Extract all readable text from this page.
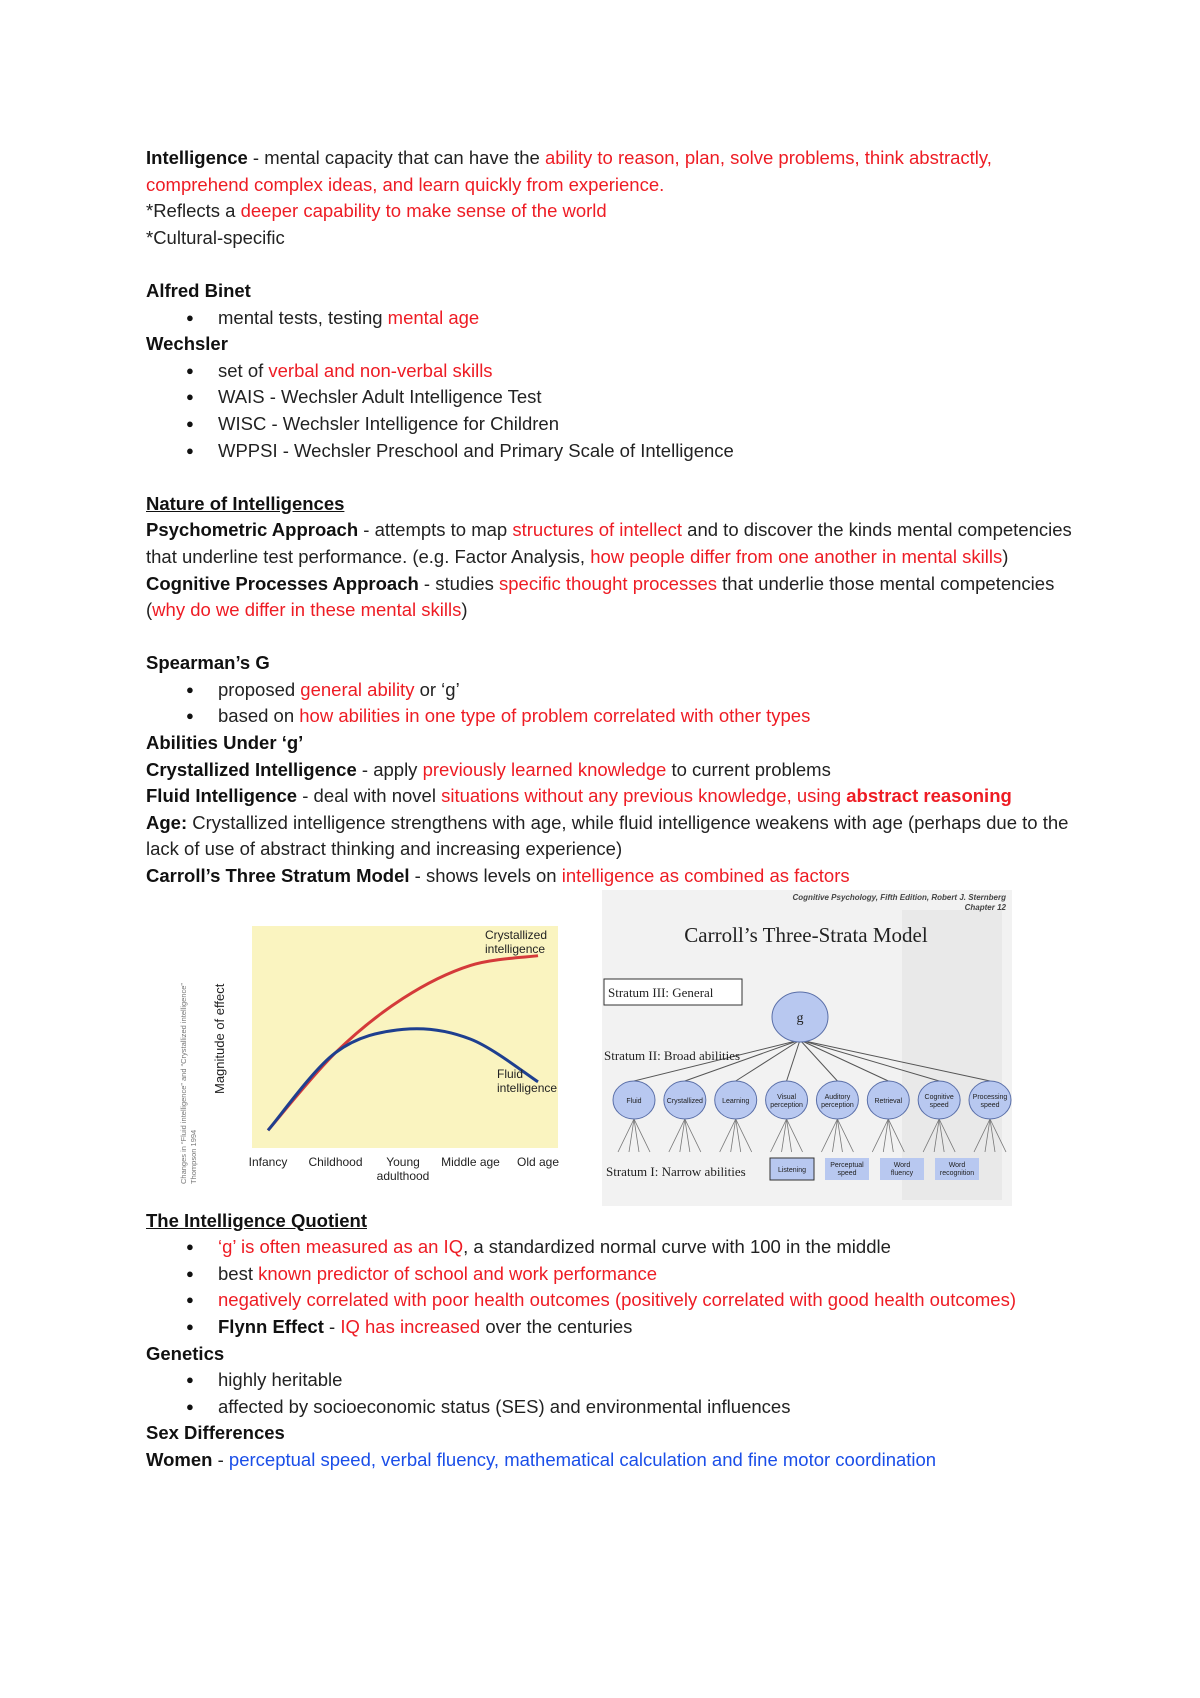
Intelligence - mental capacity that can have the ability to reason, plan, solve problems, think abstractly, comprehend complex ideas, and learn quickly from experience.

*Reflects a deeper capability to make sense of the world

*Cultural-specific

Alfred Binet

● mental tests, testing mental age

Wechsler

● set of verbal and non-verbal skills
● WAIS - Wechsler Adult Intelligence Test
● WISC - Wechsler Intelligence for Children
● WPPSI - Wechsler Preschool and Primary Scale of Intelligence

Nature of Intelligences

Psychometric Approach - attempts to map structures of intellect and to discover the kinds mental competencies that underline test performance. (e.g. Factor Analysis, how people differ from one another in mental skills)

Cognitive Processes Approach - studies specific thought processes that underlie those mental competencies (why do we differ in these mental skills)

Spearman’s G

● proposed general ability or ‘g’
● based on how abilities in one type of problem correlated with other types

Abilities Under ‘g’

Crystallized Intelligence - apply previously learned knowledge to current problems

Fluid Intelligence - deal with novel situations without any previous knowledge, using abstract reasoning

Age: Crystallized intelligence strengthens with age, while fluid intelligence weakens with age (perhaps due to the lack of use of abstract thinking and increasing experience)

Carroll’s Three Stratum Model - shows levels on intelligence as combined as factors

Changes in “Fluid intelligence” and “Crystallized intelligence” Thompson 1994
Magnitude of effect
Crystallized intelligence
Fluid intelligence
Infancy Childhood	Young adulthood
Middle age Old age
Cognitive Psychology, Fifth Edition, Robert J. Sternberg
Chapter 12
Carroll’s Three-Strata Model
Stratum III: General
g
Stratum II: Broad abilities
Fluid	Crystallized	Learning
Visual perception
Auditory perception
Retrieval
Cognitive speed
Processing speed
Stratum I: Narrow abilities	Listening
Perceptual speed
Word fluency
Word recognition

The Intelligence Quotient

● ‘g’ is often measured as an IQ, a standardized normal curve with 100 in the middle
● best known predictor of school and work performance
● negatively correlated with poor health outcomes (positively correlated with good health outcomes)
● Flynn Effect - IQ has increased over the centuries

Genetics

● highly heritable
● affected by socioeconomic status (SES) and environmental influences

Sex Differences

Women - perceptual speed, verbal fluency, mathematical calculation and fine motor coordination
